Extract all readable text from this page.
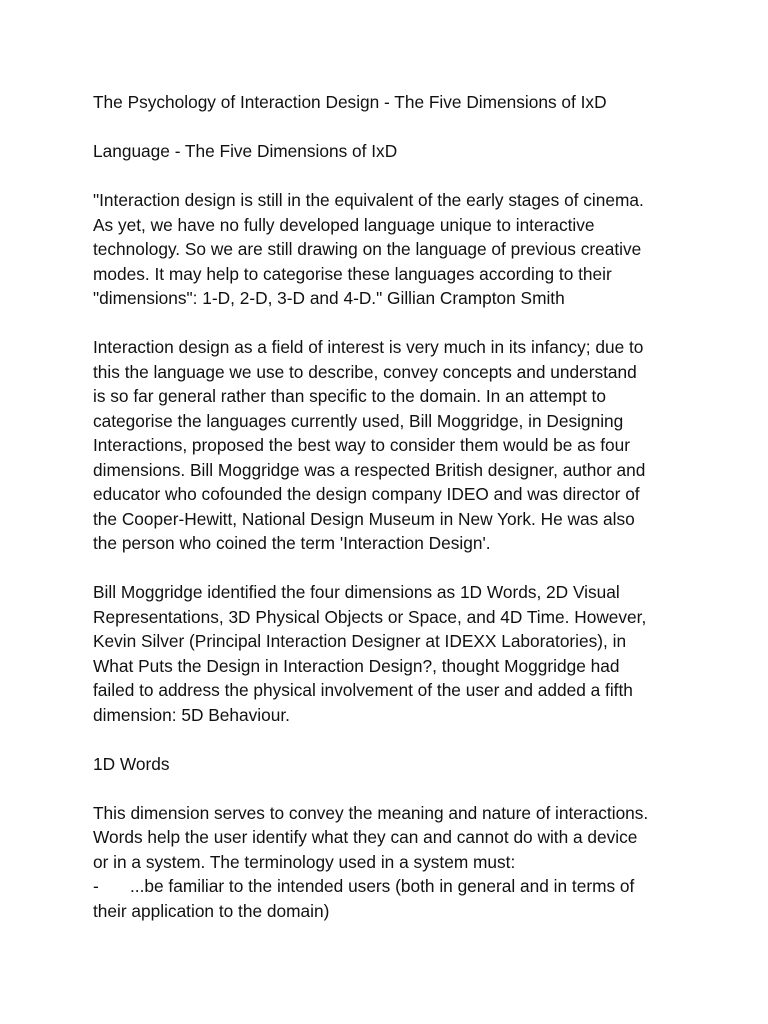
The Psychology of Interaction Design - The Five Dimensions of IxD

Language - The Five Dimensions of IxD

"Interaction design is still in the equivalent of the early stages of cinema.
As yet, we have no fully developed language unique to interactive
technology. So we are still drawing on the language of previous creative
modes. It may help to categorise these languages according to their
"dimensions": 1-D, 2-D, 3-D and 4-D." Gillian Crampton Smith

Interaction design as a field of interest is very much in its infancy; due to
this the language we use to describe, convey concepts and understand
is so far general rather than specific to the domain. In an attempt to
categorise the languages currently used, Bill Moggridge, in Designing
Interactions, proposed the best way to consider them would be as four
dimensions. Bill Moggridge was a respected British designer, author and
educator who cofounded the design company IDEO and was director of
the Cooper-Hewitt, National Design Museum in New York. He was also
the person who coined the term 'Interaction Design'.

Bill Moggridge identified the four dimensions as 1D Words, 2D Visual
Representations, 3D Physical Objects or Space, and 4D Time. However,
Kevin Silver (Principal Interaction Designer at IDEXX Laboratories), in
What Puts the Design in Interaction Design?, thought Moggridge had
failed to address the physical involvement of the user and added a fifth
dimension: 5D Behaviour.

1D Words

This dimension serves to convey the meaning and nature of interactions.
Words help the user identify what they can and cannot do with a device
or in a system. The terminology used in a system must:
- ...be familiar to the intended users (both in general and in terms of
their application to the domain)
